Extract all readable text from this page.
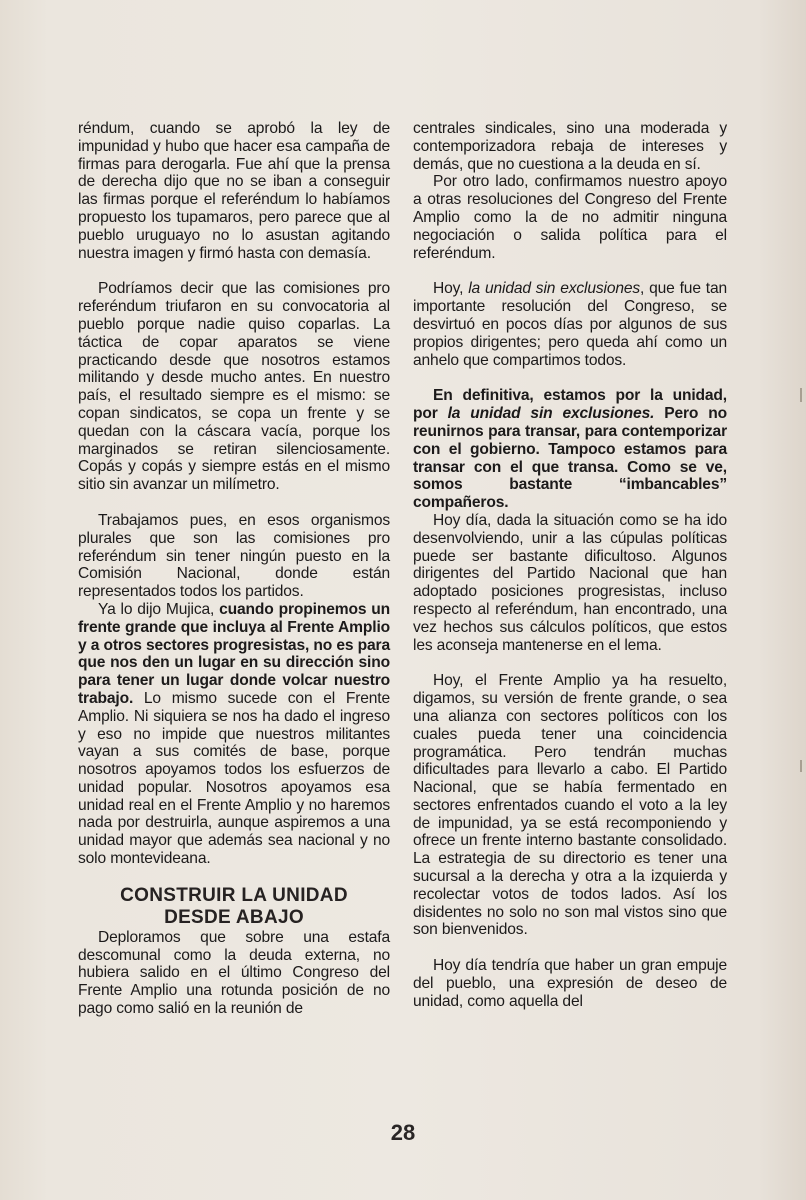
réndum, cuando se aprobó la ley de impunidad y hubo que hacer esa campaña de firmas para derogarla. Fue ahí que la prensa de derecha dijo que no se iban a conseguir las firmas porque el referéndum lo habíamos propuesto los tupamaros, pero parece que al pueblo uruguayo no lo asustan agitando nuestra imagen y firmó hasta con demasía.

Podríamos decir que las comisiones pro referéndum triufaron en su convocatoria al pueblo porque nadie quiso coparlas. La táctica de copar aparatos se viene practicando desde que nosotros estamos militando y desde mucho antes. En nuestro país, el resultado siempre es el mismo: se copan sindicatos, se copa un frente y se quedan con la cáscara vacía, porque los marginados se retiran silenciosamente. Copás y copás y siempre estás en el mismo sitio sin avanzar un milímetro.

Trabajamos pues, en esos organismos plurales que son las comisiones pro referéndum sin tener ningún puesto en la Comisión Nacional, donde están representados todos los partidos.

Ya lo dijo Mujica, cuando propinemos un frente grande que incluya al Frente Amplio y a otros sectores progresistas, no es para que nos den un lugar en su dirección sino para tener un lugar donde volcar nuestro trabajo. Lo mismo sucede con el Frente Amplio. Ni siquiera se nos ha dado el ingreso y eso no impide que nuestros militantes vayan a sus comités de base, porque nosotros apoyamos todos los esfuerzos de unidad popular. Nosotros apoyamos esa unidad real en el Frente Amplio y no haremos nada por destruirla, aunque aspiremos a una unidad mayor que además sea nacional y no solo montevideana.

CONSTRUIR LA UNIDAD
DESDE ABAJO

Deploramos que sobre una estafa descomunal como la deuda externa, no hubiera salido en el último Congreso del Frente Amplio una rotunda posición de no pago como salió en la reunión de

centrales sindicales, sino una moderada y contemporizadora rebaja de intereses y demás, que no cuestiona a la deuda en sí.

Por otro lado, confirmamos nuestro apoyo a otras resoluciones del Congreso del Frente Amplio como la de no admitir ninguna negociación o salida política para el referéndum.

Hoy, la unidad sin exclusiones, que fue tan importante resolución del Congreso, se desvirtuó en pocos días por algunos de sus propios dirigentes; pero queda ahí como un anhelo que compartimos todos.

En definitiva, estamos por la unidad, por la unidad sin exclusiones. Pero no reunirnos para transar, para contemporizar con el gobierno. Tampoco estamos para transar con el que transa. Como se ve, somos bastante “imbancables” compañeros.

Hoy día, dada la situación como se ha ido desenvolviendo, unir a las cúpulas políticas puede ser bastante dificultoso. Algunos dirigentes del Partido Nacional que han adoptado posiciones progresistas, incluso respecto al referéndum, han encontrado, una vez hechos sus cálculos políticos, que estos les aconseja mantenerse en el lema.

Hoy, el Frente Amplio ya ha resuelto, digamos, su versión de frente grande, o sea una alianza con sectores políticos con los cuales pueda tener una coincidencia programática. Pero tendrán muchas dificultades para llevarlo a cabo. El Partido Nacional, que se había fermentado en sectores enfrentados cuando el voto a la ley de impunidad, ya se está recomponiendo y ofrece un frente interno bastante consolidado. La estrategia de su directorio es tener una sucursal a la derecha y otra a la izquierda y recolectar votos de todos lados. Así los disidentes no solo no son mal vistos sino que son bienvenidos.

Hoy día tendría que haber un gran empuje del pueblo, una expresión de deseo de unidad, como aquella del

28
